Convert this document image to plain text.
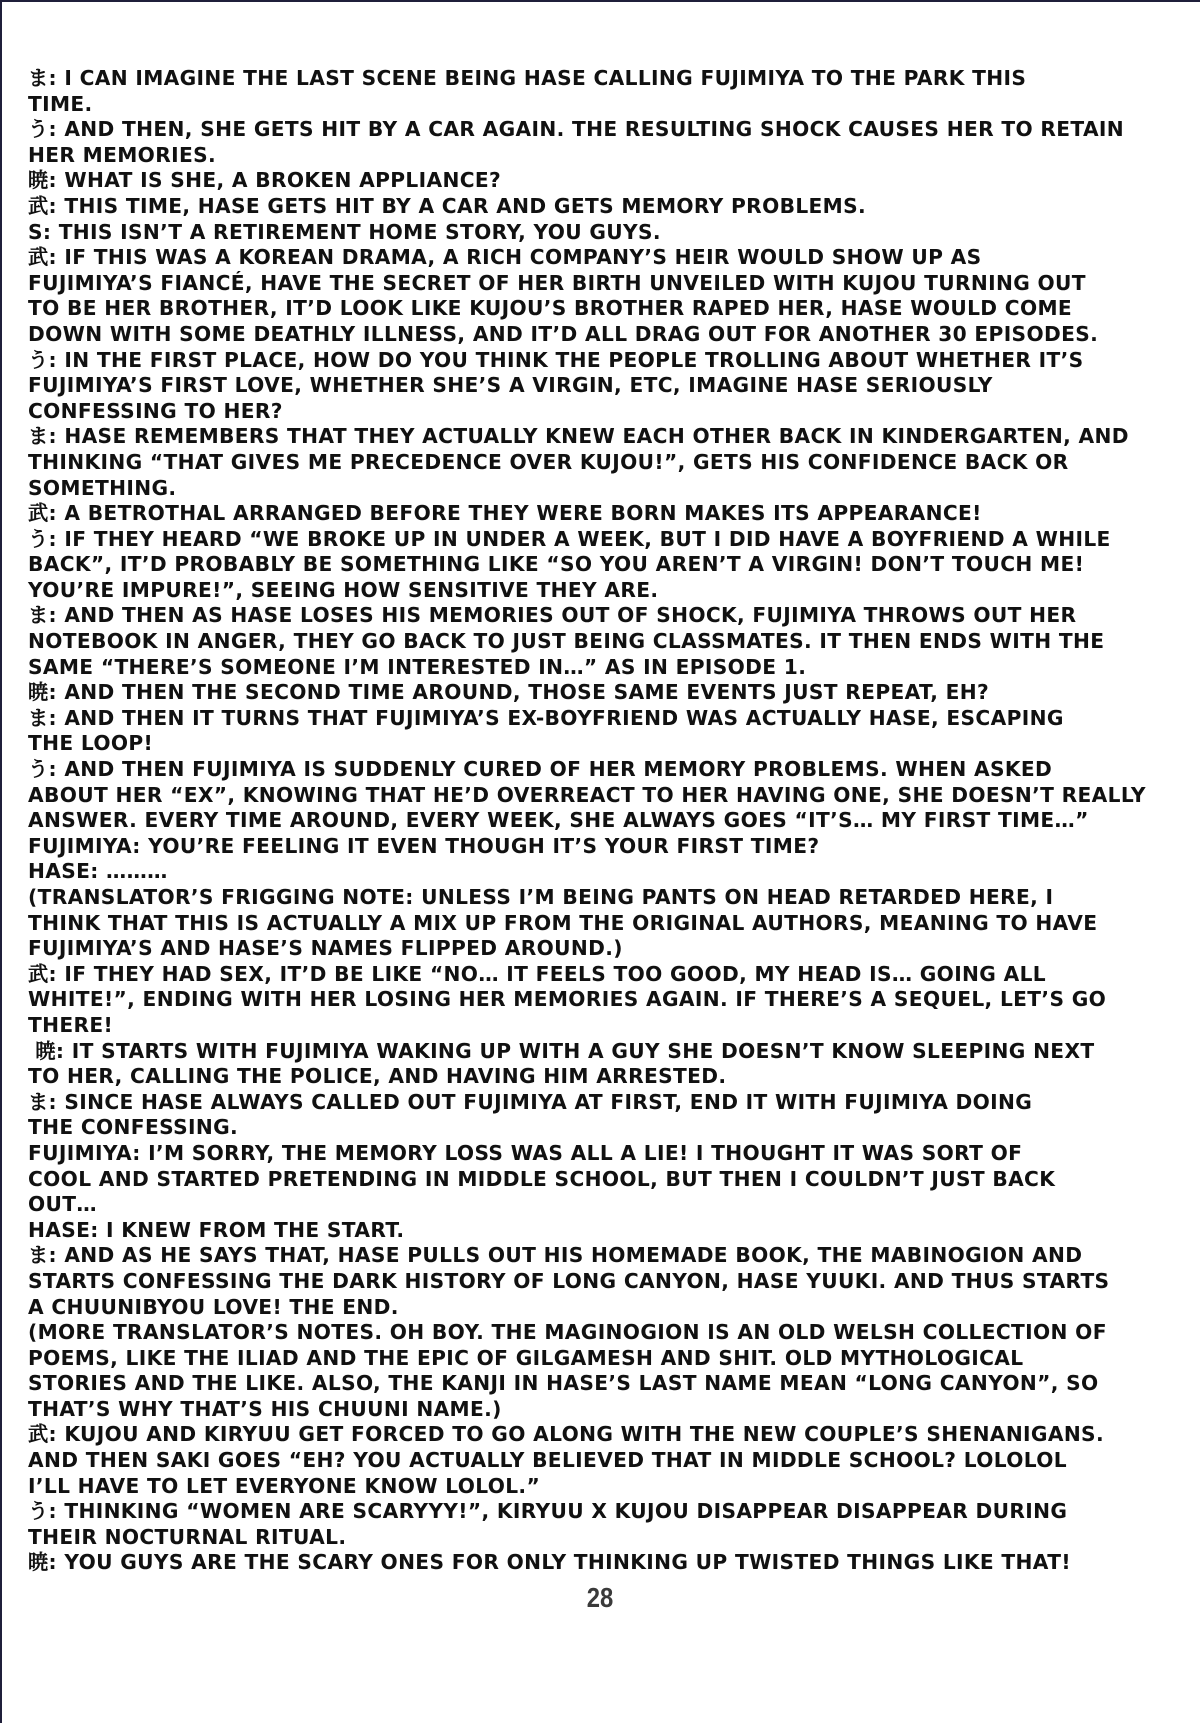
ま: I CAN IMAGINE THE LAST SCENE BEING HASE CALLING FUJIMIYA TO THE PARK THIS

TIME.

う: AND THEN, SHE GETS HIT BY A CAR AGAIN. THE RESULTING SHOCK CAUSES HER TO RETAIN

HER MEMORIES.

暁: WHAT IS SHE, A BROKEN APPLIANCE?

武: THIS TIME, HASE GETS HIT BY A CAR AND GETS MEMORY PROBLEMS.

S: THIS ISN’T A RETIREMENT HOME STORY, YOU GUYS.

武: IF THIS WAS A KOREAN DRAMA, A RICH COMPANY’S HEIR WOULD SHOW UP AS

FUJIMIYA’S FIANCÉ, HAVE THE SECRET OF HER BIRTH UNVEILED WITH KUJOU TURNING OUT

TO BE HER BROTHER, IT’D LOOK LIKE KUJOU’S BROTHER RAPED HER, HASE WOULD COME

DOWN WITH SOME DEATHLY ILLNESS, AND IT’D ALL DRAG OUT FOR ANOTHER 30 EPISODES.

う: IN THE FIRST PLACE, HOW DO YOU THINK THE PEOPLE TROLLING ABOUT WHETHER IT’S

FUJIMIYA’S FIRST LOVE, WHETHER SHE’S A VIRGIN, ETC, IMAGINE HASE SERIOUSLY

CONFESSING TO HER?

ま: HASE REMEMBERS THAT THEY ACTUALLY KNEW EACH OTHER BACK IN KINDERGARTEN, AND

THINKING “THAT GIVES ME PRECEDENCE OVER KUJOU!”, GETS HIS CONFIDENCE BACK OR

SOMETHING.

武: A BETROTHAL ARRANGED BEFORE THEY WERE BORN MAKES ITS APPEARANCE!

う: IF THEY HEARD “WE BROKE UP IN UNDER A WEEK, BUT I DID HAVE A BOYFRIEND A WHILE

BACK”, IT’D PROBABLY BE SOMETHING LIKE “SO YOU AREN’T A VIRGIN! DON’T TOUCH ME!

YOU’RE IMPURE!”, SEEING HOW SENSITIVE THEY ARE.

ま: AND THEN AS HASE LOSES HIS MEMORIES OUT OF SHOCK, FUJIMIYA THROWS OUT HER

NOTEBOOK IN ANGER, THEY GO BACK TO JUST BEING CLASSMATES. IT THEN ENDS WITH THE

SAME “THERE’S SOMEONE I’M INTERESTED IN…” AS IN EPISODE 1.

暁: AND THEN THE SECOND TIME AROUND, THOSE SAME EVENTS JUST REPEAT, EH?

ま: AND THEN IT TURNS THAT FUJIMIYA’S EX-BOYFRIEND WAS ACTUALLY HASE, ESCAPING

THE LOOP!

う: AND THEN FUJIMIYA IS SUDDENLY CURED OF HER MEMORY PROBLEMS. WHEN ASKED

ABOUT HER “EX”, KNOWING THAT HE’D OVERREACT TO HER HAVING ONE, SHE DOESN’T REALLY

ANSWER. EVERY TIME AROUND, EVERY WEEK, SHE ALWAYS GOES “IT’S… MY FIRST TIME…”

FUJIMIYA: YOU’RE FEELING IT EVEN THOUGH IT’S YOUR FIRST TIME?

HASE: ………

(TRANSLATOR’S FRIGGING NOTE: UNLESS I’M BEING PANTS ON HEAD RETARDED HERE, I

THINK THAT THIS IS ACTUALLY A MIX UP FROM THE ORIGINAL AUTHORS, MEANING TO HAVE

FUJIMIYA’S AND HASE’S NAMES FLIPPED AROUND.)

武: IF THEY HAD SEX, IT’D BE LIKE “NO… IT FEELS TOO GOOD, MY HEAD IS… GOING ALL

WHITE!”, ENDING WITH HER LOSING HER MEMORIES AGAIN. IF THERE’S A SEQUEL, LET’S GO

THERE!

暁: IT STARTS WITH FUJIMIYA WAKING UP WITH A GUY SHE DOESN’T KNOW SLEEPING NEXT

TO HER, CALLING THE POLICE, AND HAVING HIM ARRESTED.

ま: SINCE HASE ALWAYS CALLED OUT FUJIMIYA AT FIRST, END IT WITH FUJIMIYA DOING

THE CONFESSING.

FUJIMIYA: I’M SORRY, THE MEMORY LOSS WAS ALL A LIE! I THOUGHT IT WAS SORT OF

COOL AND STARTED PRETENDING IN MIDDLE SCHOOL, BUT THEN I COULDN’T JUST BACK

OUT…

HASE: I KNEW FROM THE START.

ま: AND AS HE SAYS THAT, HASE PULLS OUT HIS HOMEMADE BOOK, THE MABINOGION AND

STARTS CONFESSING THE DARK HISTORY OF LONG CANYON, HASE YUUKI. AND THUS STARTS

A CHUUNIBYOU LOVE! THE END.

(MORE TRANSLATOR’S NOTES. OH BOY. THE MAGINOGION IS AN OLD WELSH COLLECTION OF

POEMS, LIKE THE ILIAD AND THE EPIC OF GILGAMESH AND SHIT. OLD MYTHOLOGICAL

STORIES AND THE LIKE. ALSO, THE KANJI IN HASE’S LAST NAME MEAN “LONG CANYON”, SO

THAT’S WHY THAT’S HIS CHUUNI NAME.)

武: KUJOU AND KIRYUU GET FORCED TO GO ALONG WITH THE NEW COUPLE’S SHENANIGANS.

AND THEN SAKI GOES “EH? YOU ACTUALLY BELIEVED THAT IN MIDDLE SCHOOL? LOLOLOL

I’LL HAVE TO LET EVERYONE KNOW LOLOL.”

う: THINKING “WOMEN ARE SCARYYY!”, KIRYUU X KUJOU DISAPPEAR DISAPPEAR DURING

THEIR NOCTURNAL RITUAL.

暁: YOU GUYS ARE THE SCARY ONES FOR ONLY THINKING UP TWISTED THINGS LIKE THAT!

28
